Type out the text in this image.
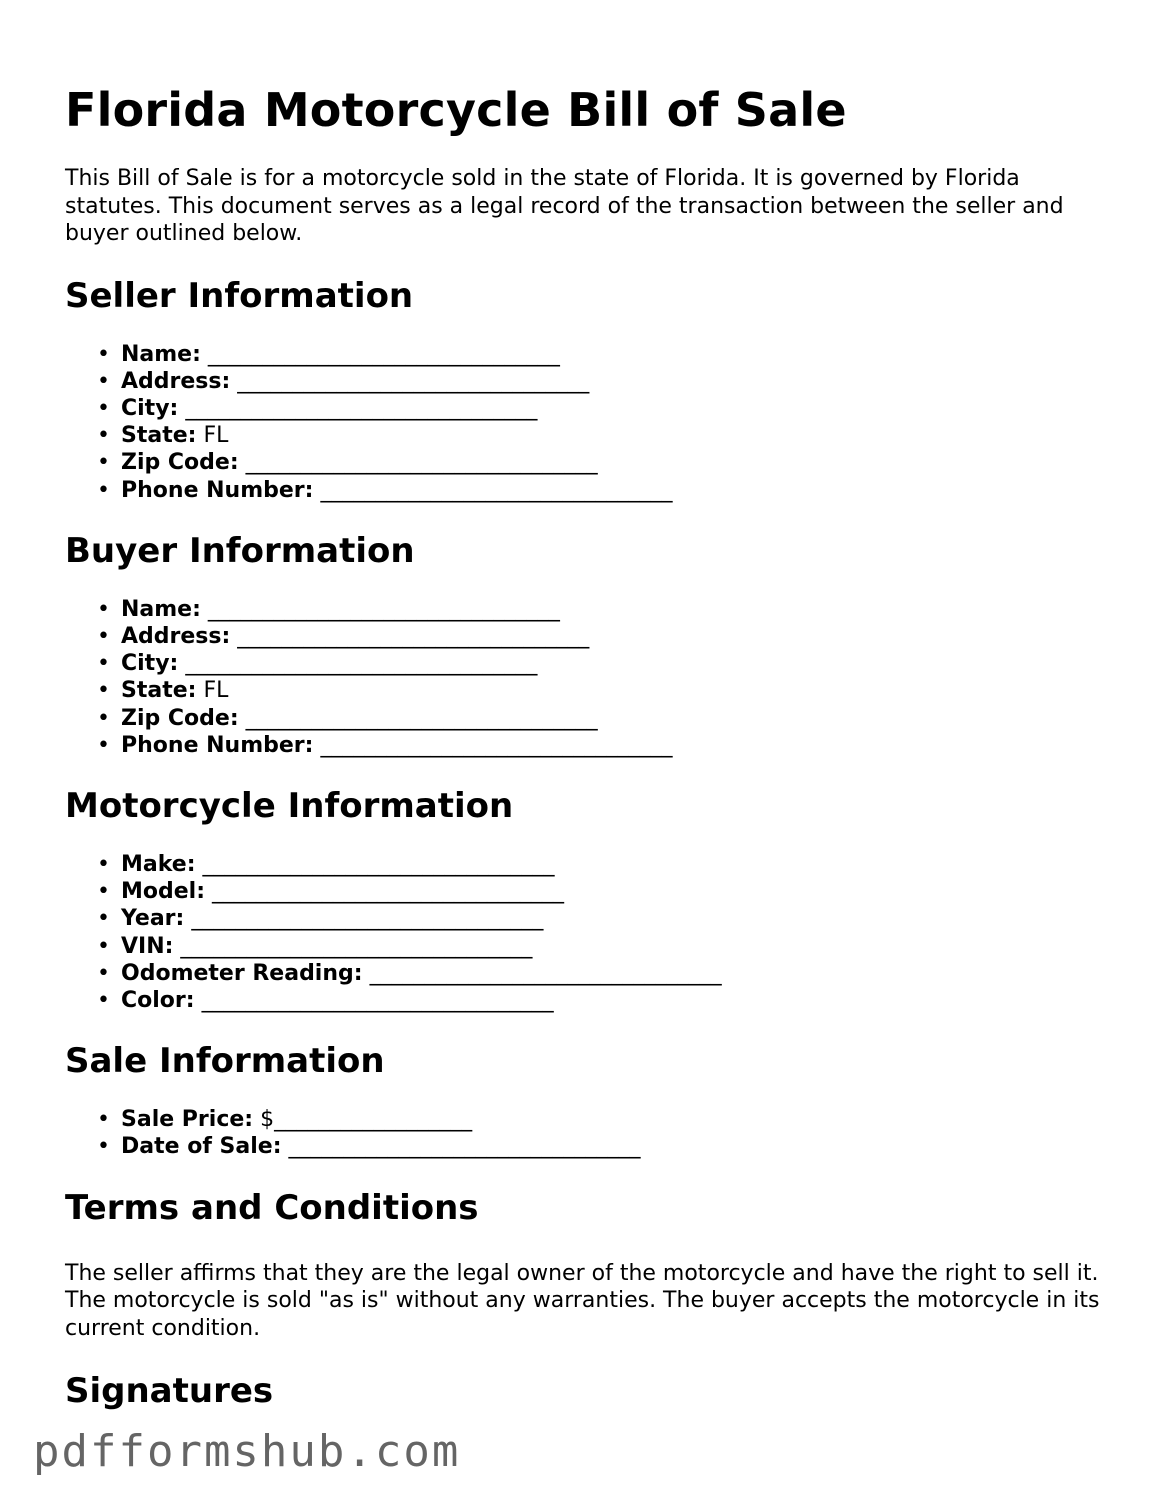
Florida Motorcycle Bill of Sale

This Bill of Sale is for a motorcycle sold in the state of Florida. It is governed by Florida statutes. This document serves as a legal record of the transaction between the seller and buyer outlined below.

Seller Information
• Name: ________________________________
• Address: ________________________________
• City: ________________________________
• State: FL
• Zip Code: ________________________________
• Phone Number: ________________________________
Buyer Information
• Name: ________________________________
• Address: ________________________________
• City: ________________________________
• State: FL
• Zip Code: ________________________________
• Phone Number: ________________________________
Motorcycle Information
• Make: ________________________________
• Model: ________________________________
• Year: ________________________________
• VIN: ________________________________
• Odometer Reading: ________________________________
• Color: ________________________________
Sale Information
• Sale Price: $__________________
• Date of Sale: ________________________________
Terms and Conditions

The seller affirms that they are the legal owner of the motorcycle and have the right to sell it. The motorcycle is sold "as is" without any warranties. The buyer accepts the motorcycle in its current condition.

Signatures
pdfformshub.com
